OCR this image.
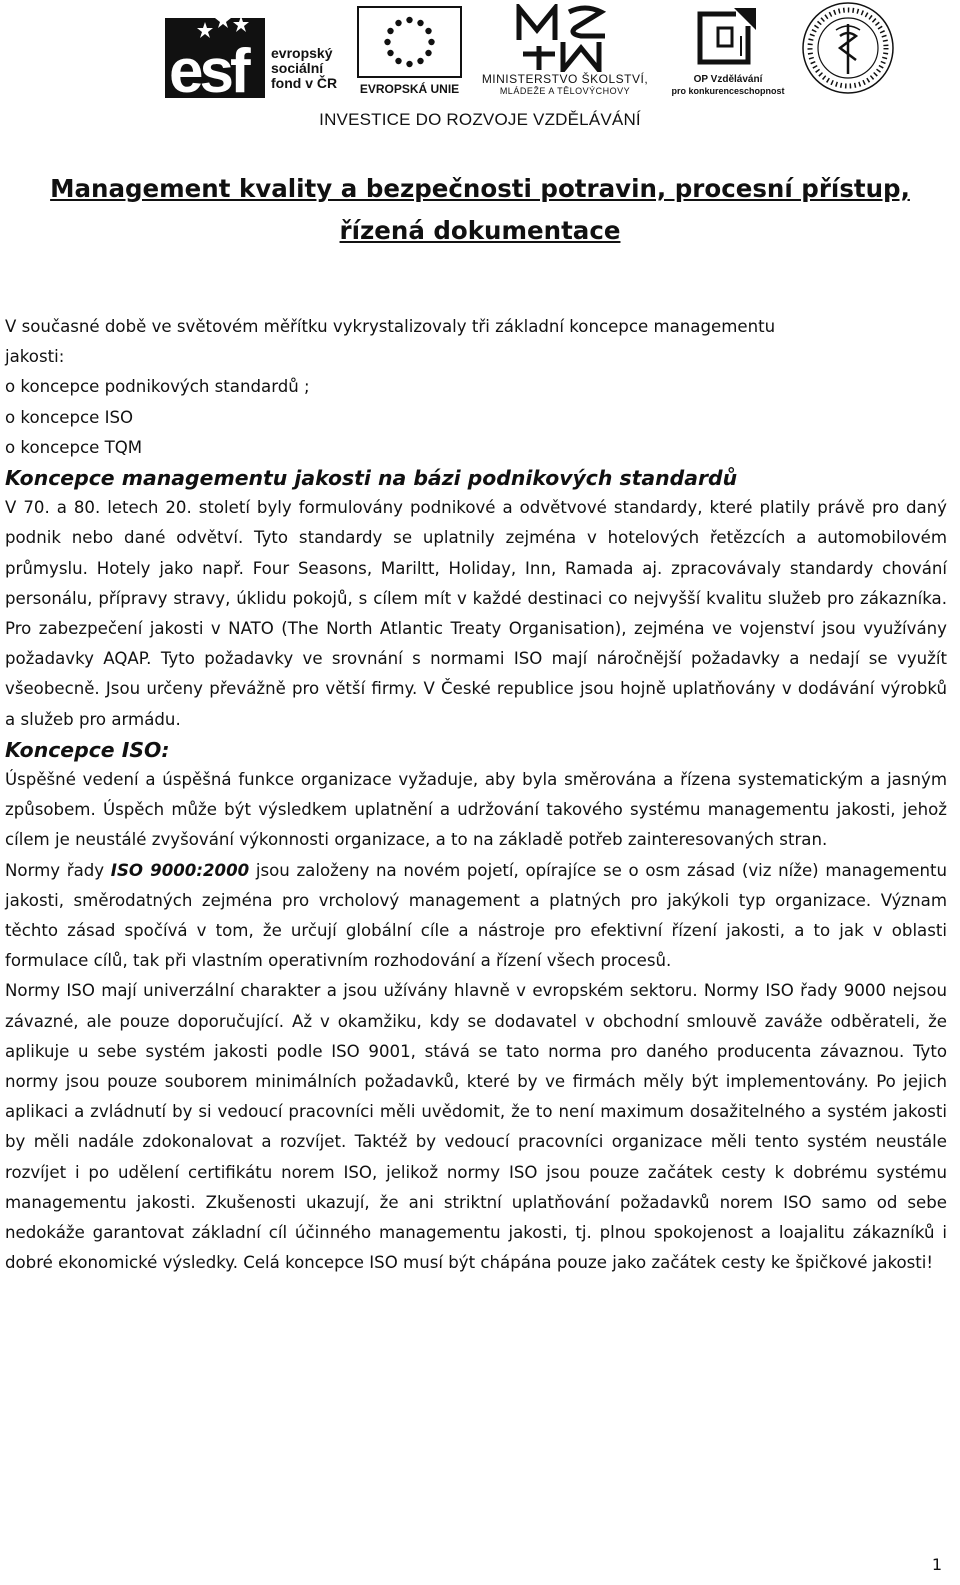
esf	evropský
sociální
fond v ČR EVROPSKÁ UNIE
MINISTERSTVO ŠKOLSTVÍ,
MLÁDEŽE A TĚLOVÝCHOVY
OP Vzdělávání
pro konkurenceschopnost
INVESTICE DO ROZVOJE VZDĚLÁVÁNÍ
Management kvality a bezpečnosti potravin, procesní přístup,
řízená dokumentace

V současné době ve světovém měřítku vykrystalizovaly tři základní koncepce managementu

jakosti:

o koncepce podnikových standardů ;

o koncepce ISO

o koncepce TQM

Koncepce managementu jakosti na bázi podnikových standardů

V 70. a 80. letech 20. století byly formulovány podnikové a odvětvové standardy, které platily právě pro daný podnik nebo dané odvětví. Tyto standardy se uplatnily zejména v hotelových řetězcích a automobilovém průmyslu. Hotely jako např. Four Seasons, Mariltt, Holiday, Inn, Ramada aj. zpracovávaly standardy chování personálu, přípravy stravy, úklidu pokojů, s cílem mít v každé destinaci co nejvyšší kvalitu služeb pro zákazníka. Pro zabezpečení jakosti v NATO (The North Atlantic Treaty Organisation), zejména ve vojenství jsou využívány požadavky AQAP. Tyto požadavky ve srovnání s normami ISO mají náročnější požadavky a nedají se využít všeobecně. Jsou určeny převážně pro větší firmy. V České republice jsou hojně uplatňovány v dodávání výrobků a služeb pro armádu.

Koncepce ISO:

Úspěšné vedení a úspěšná funkce organizace vyžaduje, aby byla směrována a řízena systematickým a jasným způsobem. Úspěch může být výsledkem uplatnění a udržování takového systému managementu jakosti, jehož cílem je neustálé zvyšování výkonnosti organizace, a to na základě potřeb zainteresovaných stran.

Normy řady ISO 9000:2000 jsou založeny na novém pojetí, opírajíce se o osm zásad (viz níže) managementu jakosti, směrodatných zejména pro vrcholový management a platných pro jakýkoli typ organizace. Význam těchto zásad spočívá v tom, že určují globální cíle a nástroje pro efektivní řízení jakosti, a to jak v oblasti formulace cílů, tak při vlastním operativním rozhodování a řízení všech procesů.

Normy ISO mají univerzální charakter a jsou užívány hlavně v evropském sektoru. Normy ISO řady 9000 nejsou závazné, ale pouze doporučující. Až v okamžiku, kdy se dodavatel v obchodní smlouvě zaváže odběrateli, že aplikuje u sebe systém jakosti podle ISO 9001, stává se tato norma pro daného producenta závaznou. Tyto normy jsou pouze souborem minimálních požadavků, které by ve firmách měly být implementovány. Po jejich aplikaci a zvládnutí by si vedoucí pracovníci měli uvědomit, že to není maximum dosažitelného a systém jakosti by měli nadále zdokonalovat a rozvíjet. Taktéž by vedoucí pracovníci organizace měli tento systém neustále rozvíjet i po udělení certifikátu norem ISO, jelikož normy ISO jsou pouze začátek cesty k dobrému systému managementu jakosti. Zkušenosti ukazují, že ani striktní uplatňování požadavků norem ISO samo od sebe nedokáže garantovat základní cíl účinného managementu jakosti, tj. plnou spokojenost a loajalitu zákazníků i dobré ekonomické výsledky. Celá koncepce ISO musí být chápána pouze jako začátek cesty ke špičkové jakosti!

1
